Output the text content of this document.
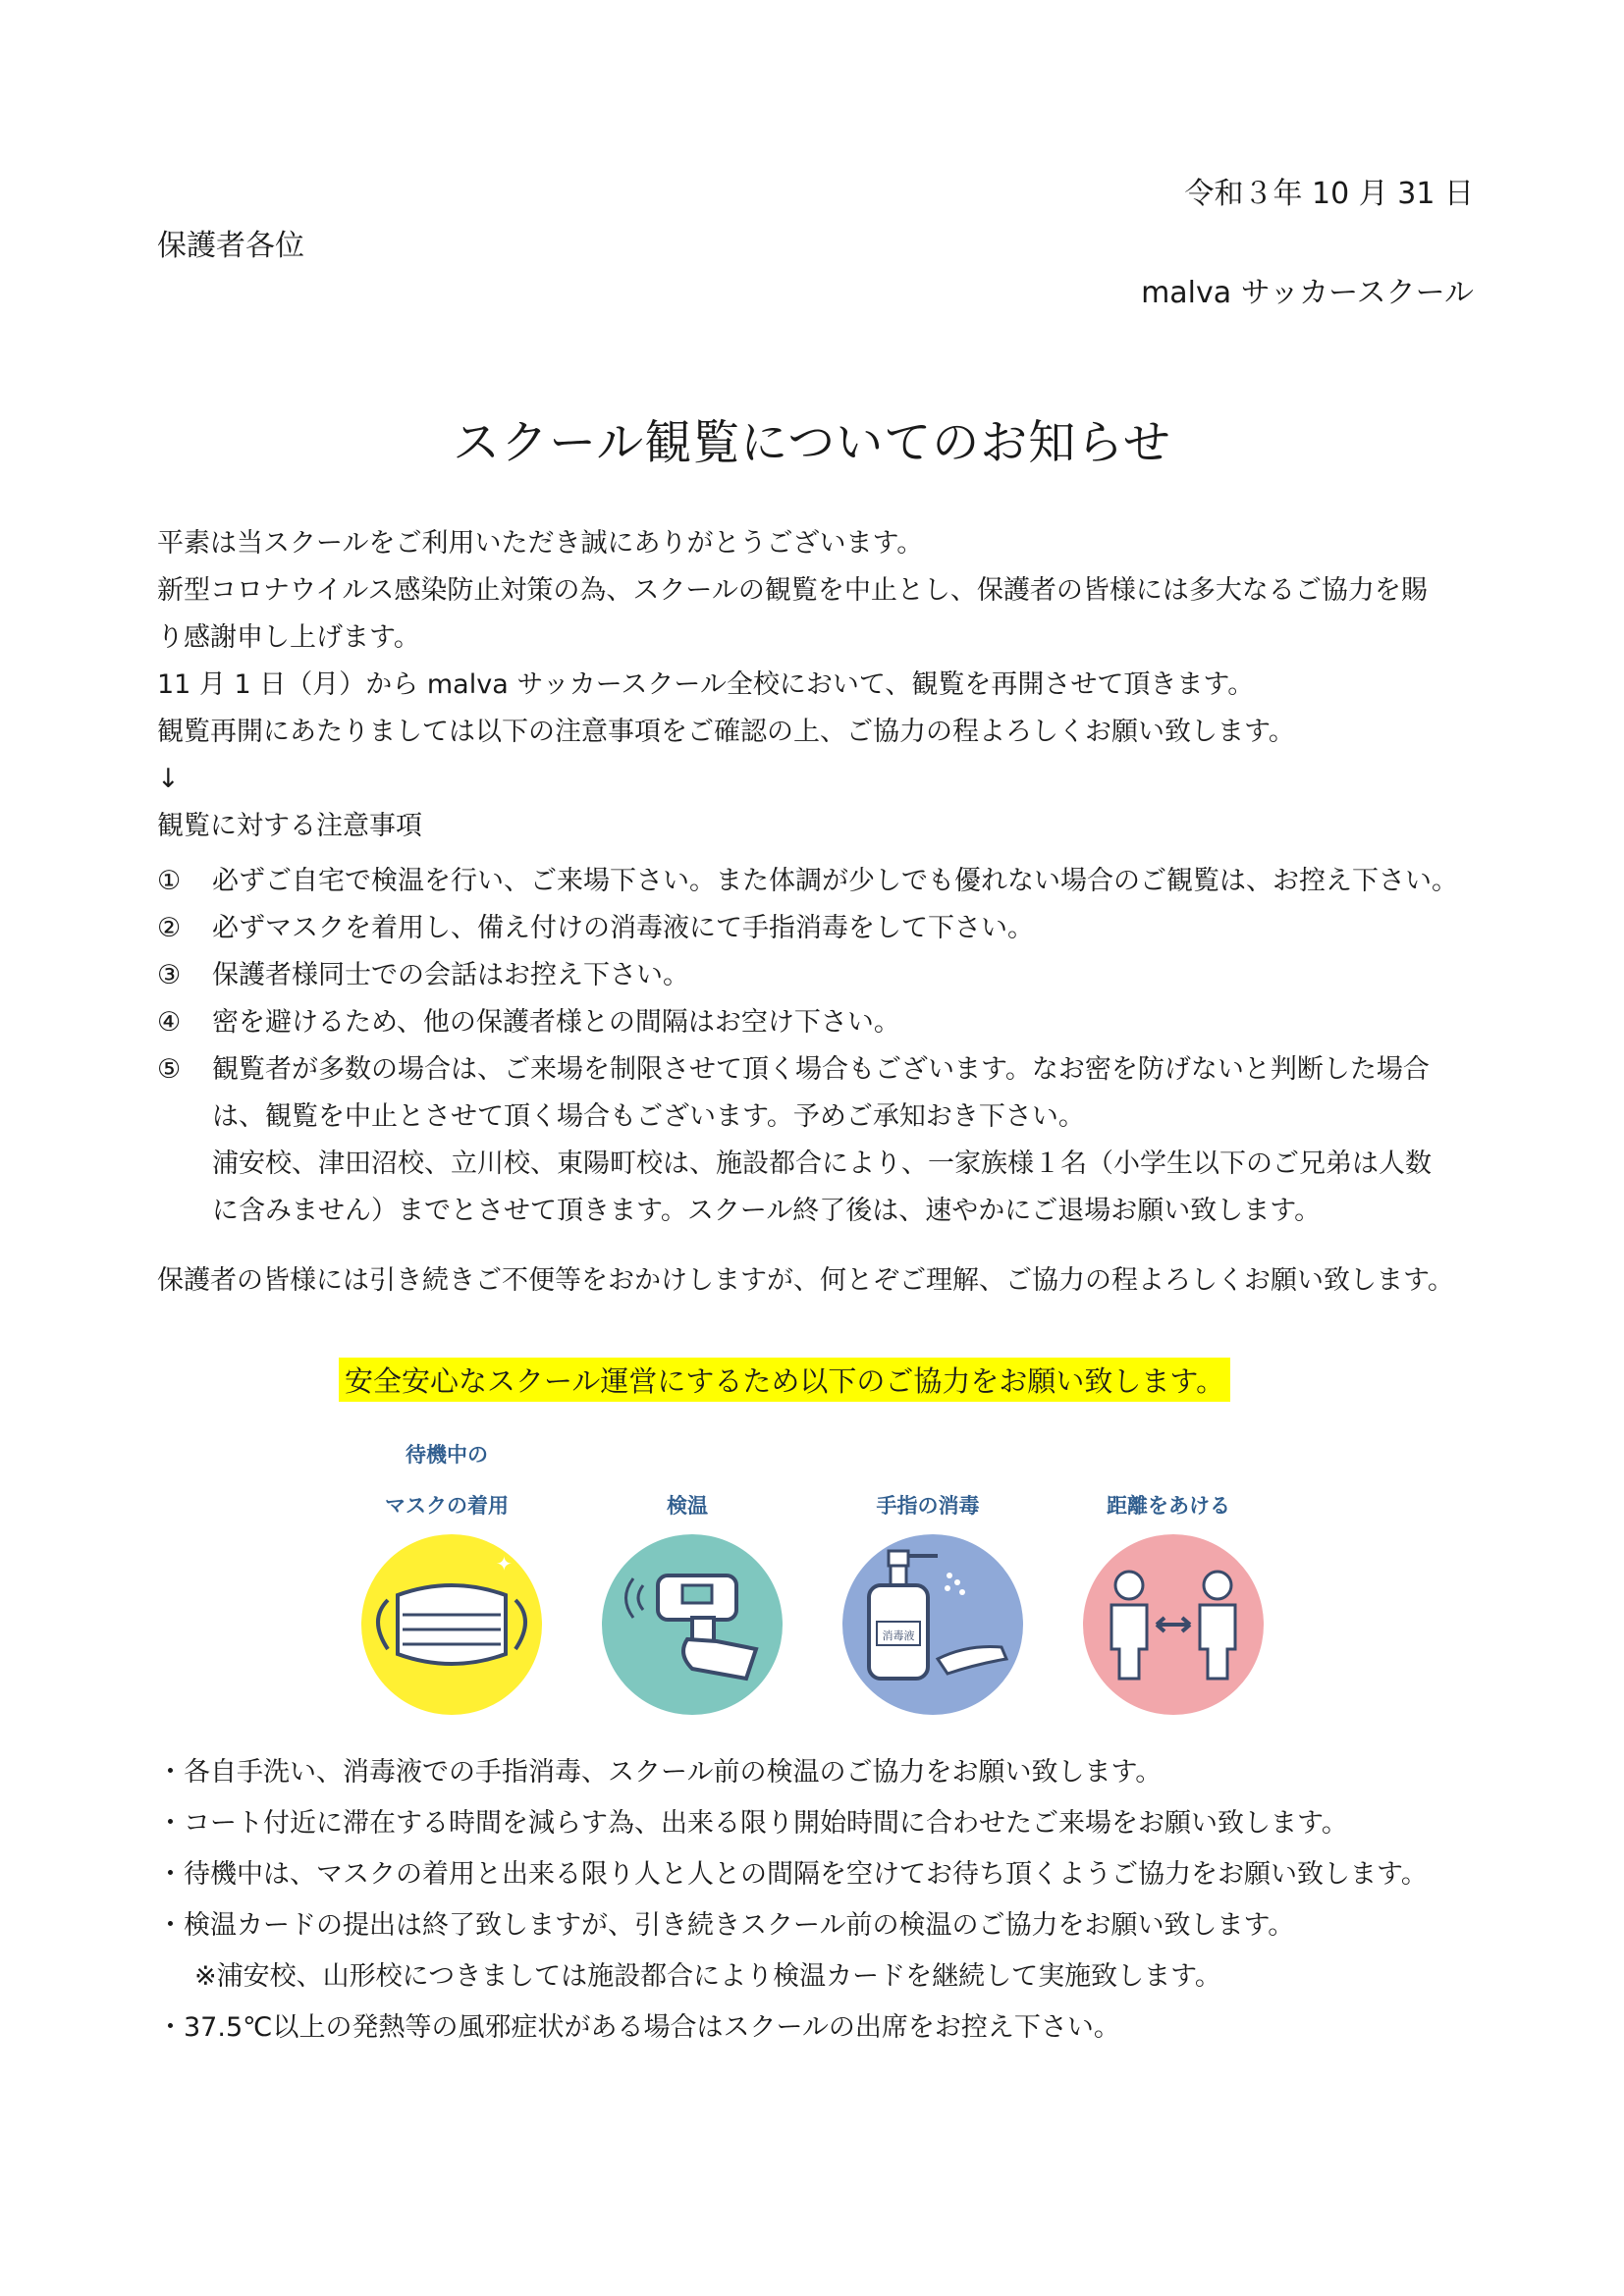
令和３年 10 月 31 日
保護者各位
malva サッカースクール
スクール観覧についてのお知らせ
平素は当スクールをご利用いただき誠にありがとうございます。
新型コロナウイルス感染防止対策の為、スクールの観覧を中止とし、保護者の皆様には多大なるご協力を賜
り感謝申し上げます。
11 月 1 日（月）から malva サッカースクール全校において、観覧を再開させて頂きます。
観覧再開にあたりましては以下の注意事項をご確認の上、ご協力の程よろしくお願い致します。
↓
観覧に対する注意事項
①	必ずご自宅で検温を行い、ご来場下さい。また体調が少しでも優れない場合のご観覧は、お控え下さい。
②	必ずマスクを着用し、備え付けの消毒液にて手指消毒をして下さい。
③	保護者様同士での会話はお控え下さい。
④	密を避けるため、他の保護者様との間隔はお空け下さい。
⑤	観覧者が多数の場合は、ご来場を制限させて頂く場合もございます。なお密を防げないと判断した場合
は、観覧を中止とさせて頂く場合もございます。予めご承知おき下さい。
浦安校、津田沼校、立川校、東陽町校は、施設都合により、一家族様１名（小学生以下のご兄弟は人数
に含みません）までとさせて頂きます。スクール終了後は、速やかにご退場お願い致します。
保護者の皆様には引き続きご不便等をおかけしますが、何とぞご理解、ご協力の程よろしくお願い致します。
安全安心なスクール運営にするため以下のご協力をお願い致します。
待機中の
マスクの着用
✦
検温	手指の消毒
消毒液
距離をあける
・各自手洗い、消毒液での手指消毒、スクール前の検温のご協力をお願い致します。
・コート付近に滞在する時間を減らす為、出来る限り開始時間に合わせたご来場をお願い致します。
・待機中は、マスクの着用と出来る限り人と人との間隔を空けてお待ち頂くようご協力をお願い致します。
・検温カードの提出は終了致しますが、引き続きスクール前の検温のご協力をお願い致します。
※浦安校、山形校につきましては施設都合により検温カードを継続して実施致します。
・37.5℃以上の発熱等の風邪症状がある場合はスクールの出席をお控え下さい。
